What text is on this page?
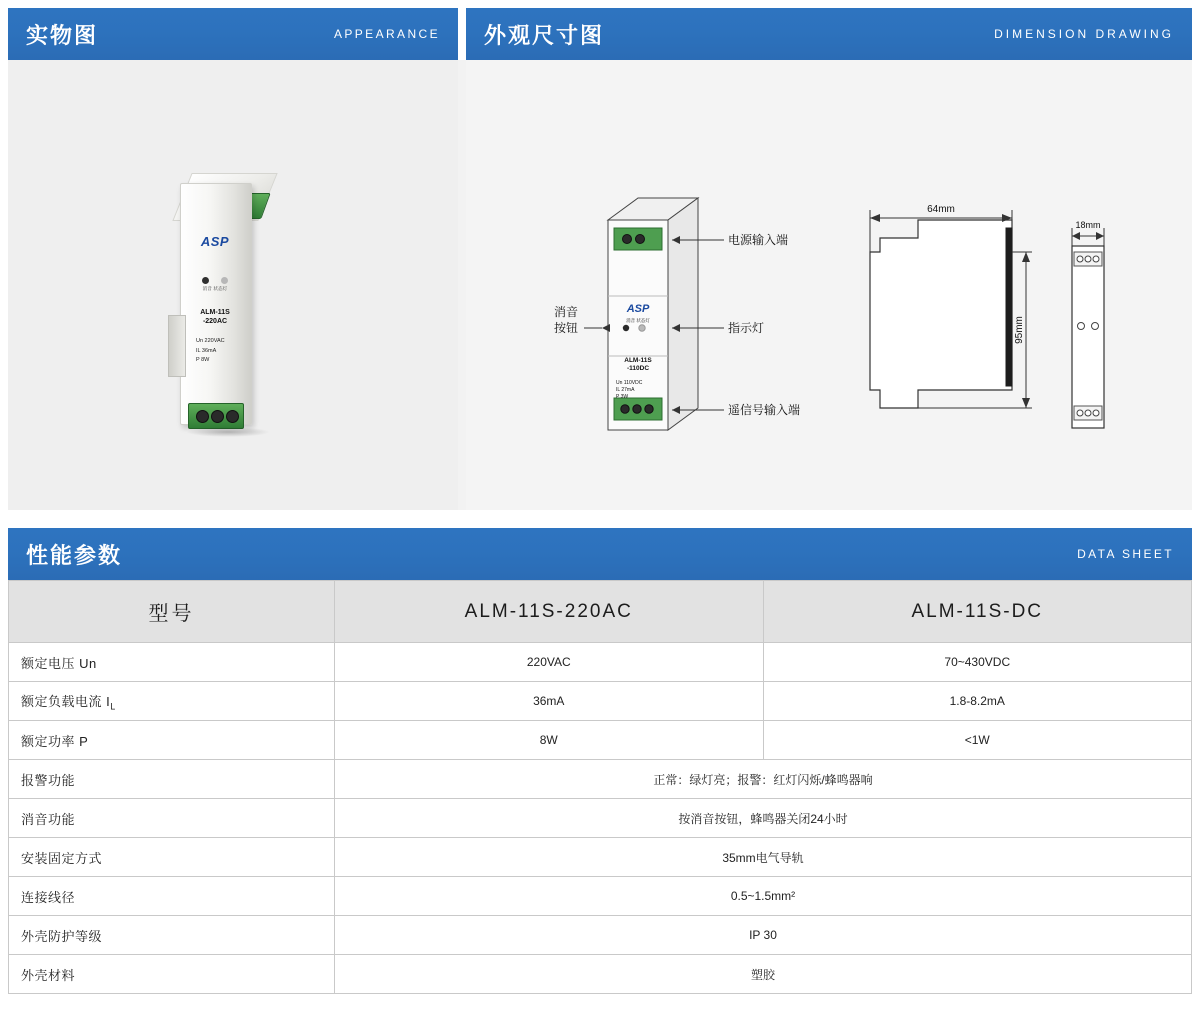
实物图	APPEARANCE 外观尺寸图	DIMENSION DRAWING
ASP
消音 状态灯
ALM-11S
-220AC
Un 220VAC
IL 36mA
P 8W
ASP
消音 状态灯
ALM-11S
-110DC
Un 110VDC
IL 27mA
P 3W
电源输入端
指示灯
遥信号输入端
消音
按钮
64mm
95mm
18mm
性能参数	DATA SHEET
型号	ALM-11S-220AC	ALM-11S-DC
额定电压 Un	220VAC	70~430VDC
额定负载电流 $I_L$	36mA	1.8-8.2mA
额定功率 P	8W	<1W
报警功能	正常：绿灯亮；报警：红灯闪烁/蜂鸣器响	
消音功能	按消音按钮，蜂鸣器关闭24小时	
安装固定方式	35mm电气导轨	
连接线径	0.5~1.5mm²	
外壳防护等级	IP 30	
外壳材料	塑胶	
